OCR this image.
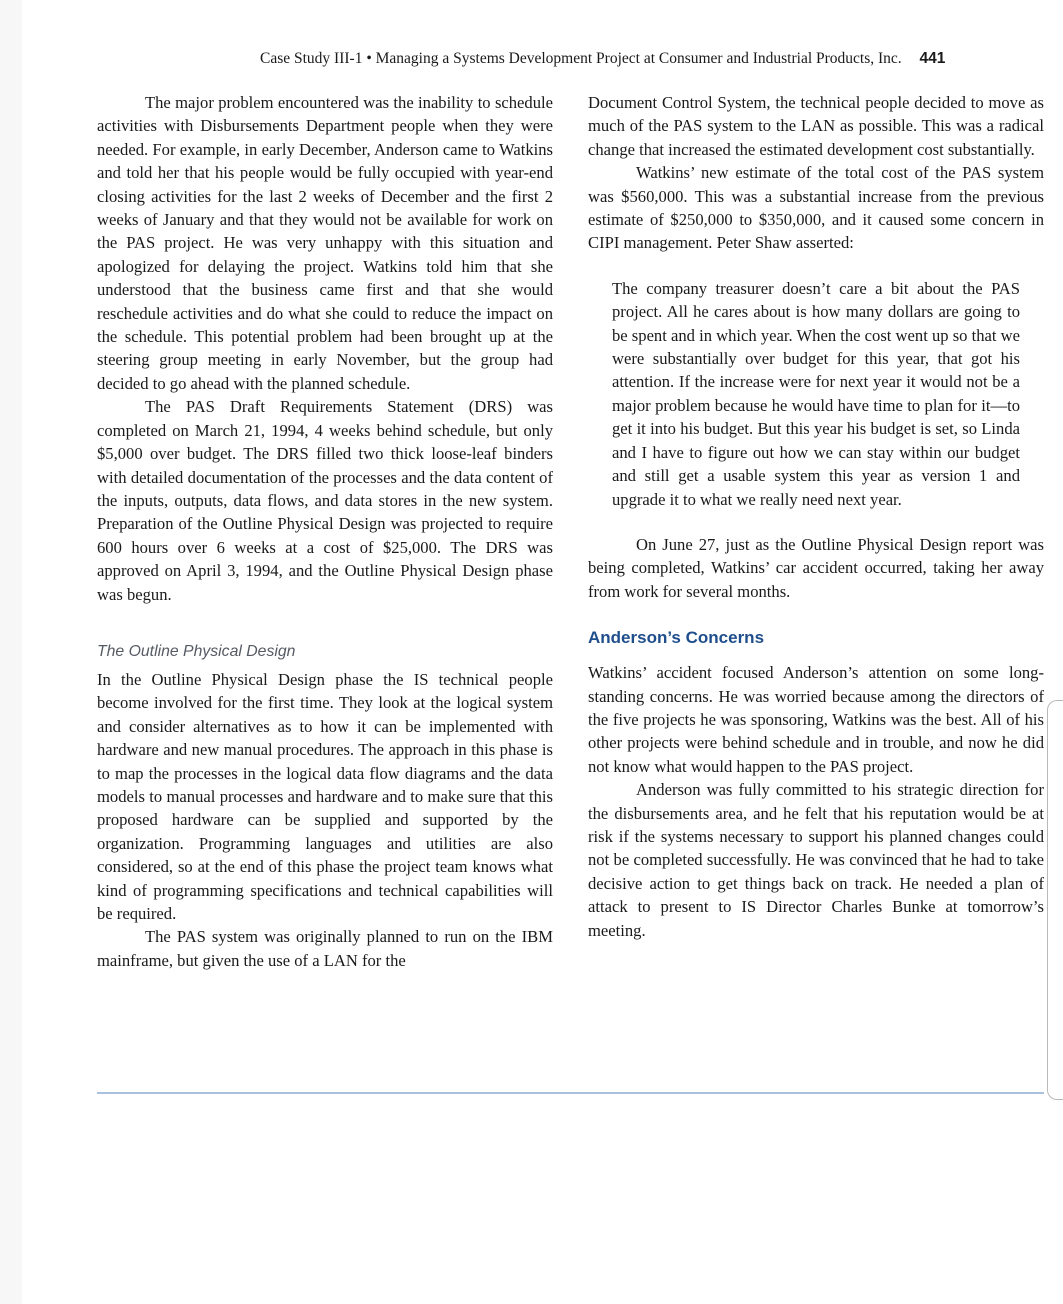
Case Study III-1 • Managing a Systems Development Project at Consumer and Industrial Products, Inc. 441

The major problem encountered was the inability to schedule activities with Disbursements Department people when they were needed. For example, in early December, Anderson came to Watkins and told her that his people would be fully occupied with year-end closing activities for the last 2 weeks of December and the first 2 weeks of January and that they would not be available for work on the PAS project. He was very unhappy with this situation and apologized for delaying the project. Watkins told him that she understood that the business came first and that she would reschedule activities and do what she could to reduce the impact on the schedule. This potential problem had been brought up at the steering group meeting in early November, but the group had decided to go ahead with the planned schedule.

The PAS Draft Requirements Statement (DRS) was completed on March 21, 1994, 4 weeks behind schedule, but only $5,000 over budget. The DRS filled two thick loose-leaf binders with detailed documentation of the processes and the data content of the inputs, outputs, data flows, and data stores in the new system. Preparation of the Outline Physical Design was projected to require 600 hours over 6 weeks at a cost of $25,000. The DRS was approved on April 3, 1994, and the Outline Physical Design phase was begun.

The Outline Physical Design

In the Outline Physical Design phase the IS technical people become involved for the first time. They look at the logical system and consider alternatives as to how it can be implemented with hardware and new manual procedures. The approach in this phase is to map the processes in the logical data flow diagrams and the data models to manual processes and hardware and to make sure that this proposed hardware can be supplied and supported by the organization. Programming languages and utilities are also considered, so at the end of this phase the project team knows what kind of programming specifications and technical capabilities will be required.

The PAS system was originally planned to run on the IBM mainframe, but given the use of a LAN for the

Document Control System, the technical people decided to move as much of the PAS system to the LAN as possible. This was a radical change that increased the estimated development cost substantially.

Watkins’ new estimate of the total cost of the PAS system was $560,000. This was a substantial increase from the previous estimate of $250,000 to $350,000, and it caused some concern in CIPI management. Peter Shaw asserted:

The company treasurer doesn’t care a bit about the PAS project. All he cares about is how many dollars are going to be spent and in which year. When the cost went up so that we were substantially over budget for this year, that got his attention. If the increase were for next year it would not be a major problem because he would have time to plan for it—to get it into his budget. But this year his budget is set, so Linda and I have to figure out how we can stay within our budget and still get a usable system this year as version 1 and upgrade it to what we really need next year.

On June 27, just as the Outline Physical Design report was being completed, Watkins’ car accident occurred, taking her away from work for several months.

Anderson’s Concerns

Watkins’ accident focused Anderson’s attention on some long-standing concerns. He was worried because among the directors of the five projects he was sponsoring, Watkins was the best. All of his other projects were behind schedule and in trouble, and now he did not know what would happen to the PAS project.

Anderson was fully committed to his strategic direction for the disbursements area, and he felt that his reputation would be at risk if the systems necessary to support his planned changes could not be completed successfully. He was convinced that he had to take decisive action to get things back on track. He needed a plan of attack to present to IS Director Charles Bunke at tomorrow’s meeting.
